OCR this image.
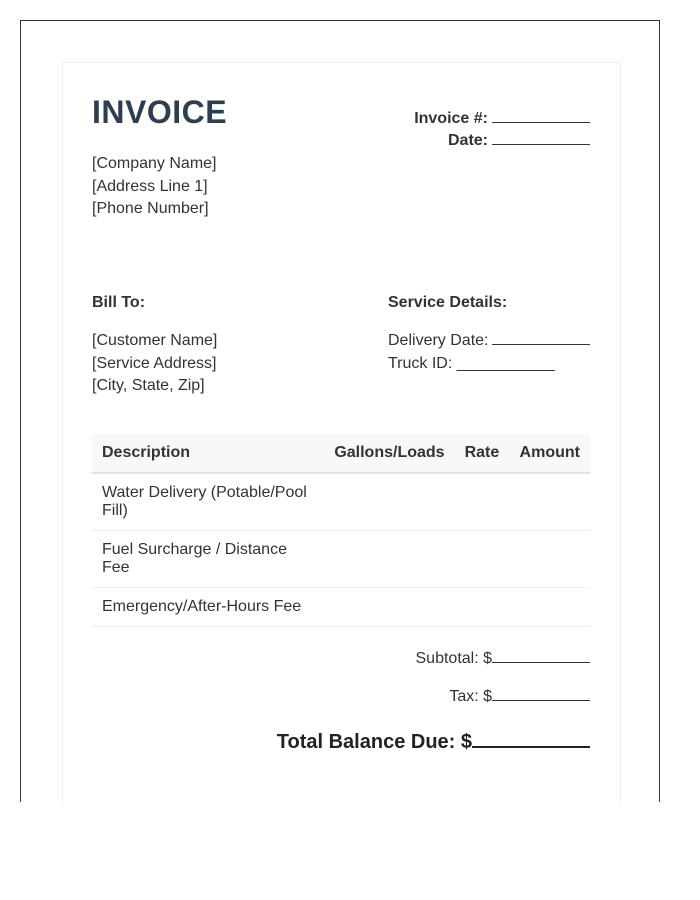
INVOICE
[Company Name]
[Address Line 1]
[Phone Number]
Invoice #:
Date:
Bill To:
[Customer Name]
[Service Address]
[City, State, Zip]
Service Details:
Delivery Date:
Truck ID: ___________
Description	Gallons/Loads	Rate	Amount
Water Delivery (Potable/Pool Fill)			
Fuel Surcharge / Distance Fee			
Emergency/After-Hours Fee			
Subtotal: $
Tax: $
Total Balance Due: $
